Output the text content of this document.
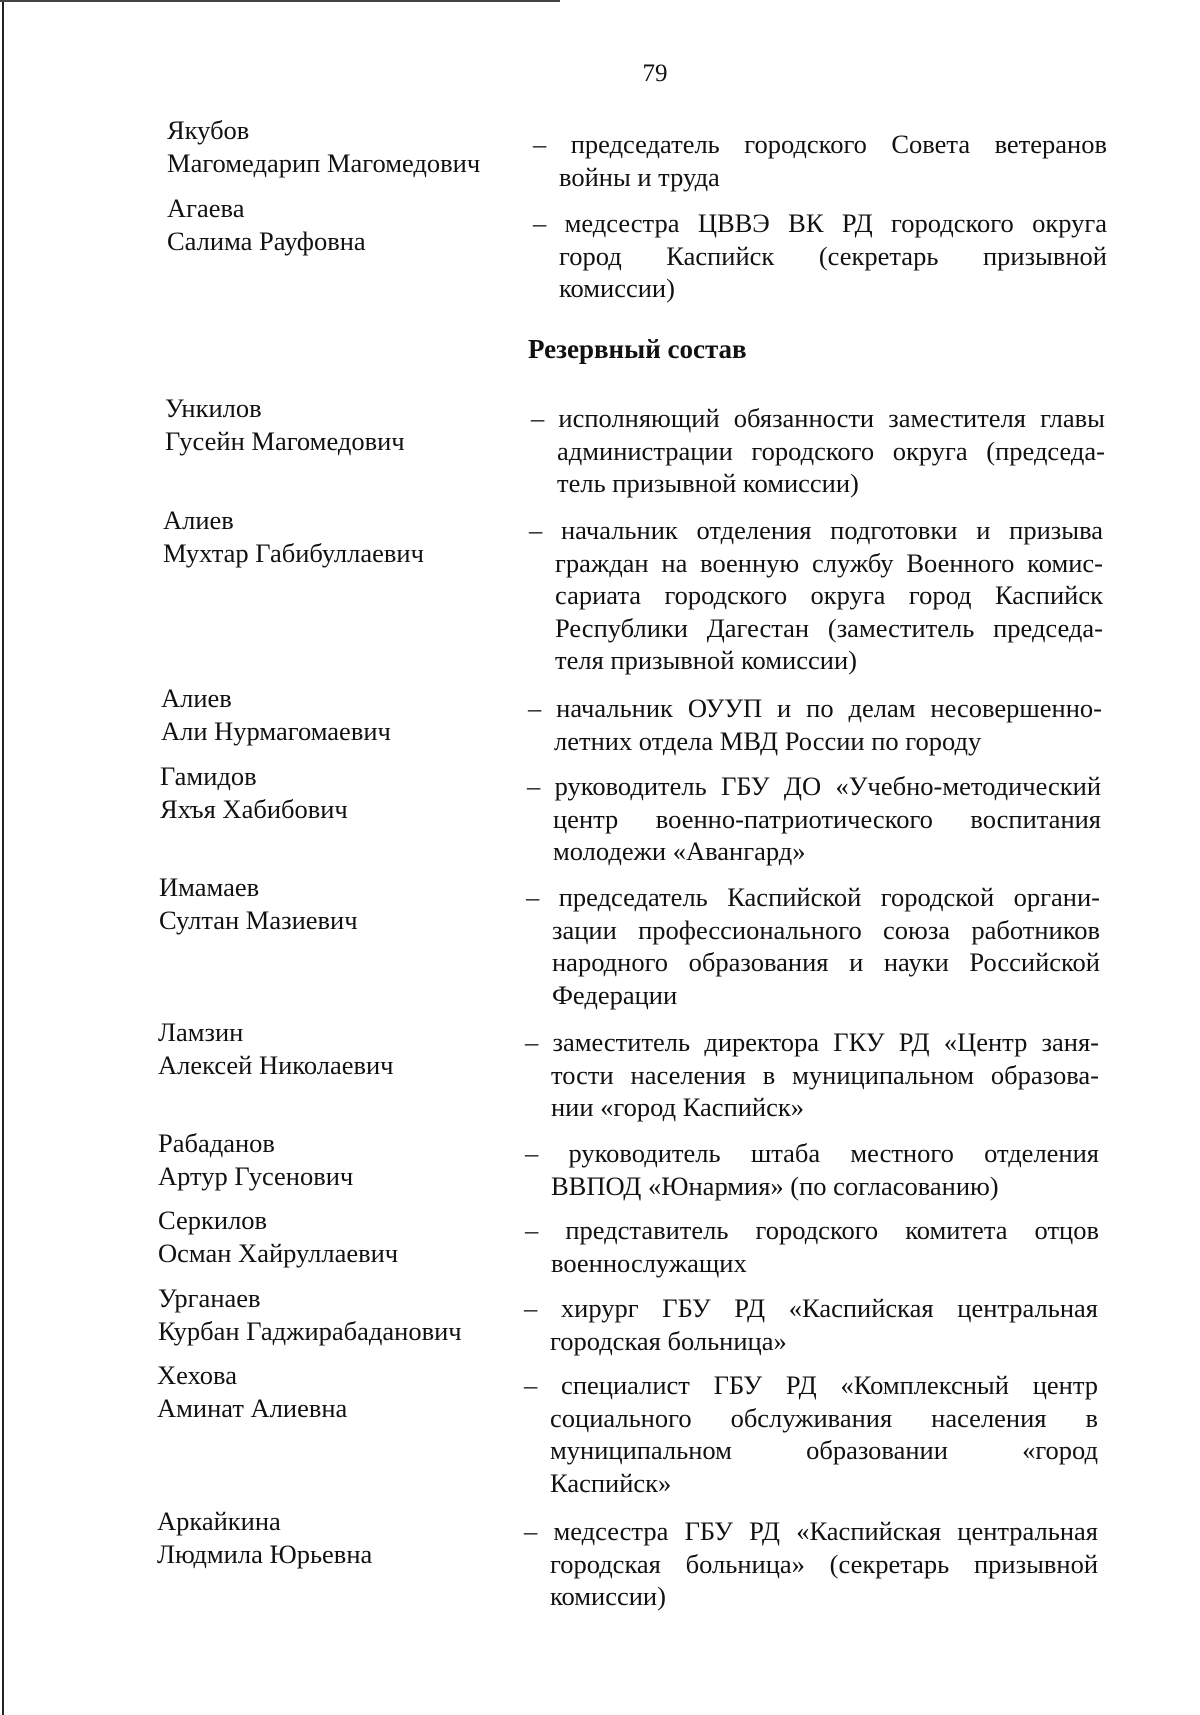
79
Резервный состав
Якубов
Магомедарип Магомедович
– председатель городского Совета ветеранов
войны и труда
Агаева
Салима Рауфовна
– медсестра ЦВВЭ ВК РД городского округа
город Каспийск (секретарь призывной
комиссии)
Ункилов
Гусейн Магомедович
– исполняющий обязанности заместителя главы
администрации городского округа (председа-
тель призывной комиссии)
Алиев
Мухтар Габибуллаевич
– начальник отделения подготовки и призыва
граждан на военную службу Военного комис-
сариата городского округа город Каспийск
Республики Дагестан (заместитель председа-
теля призывной комиссии)
Алиев
Али Нурмагомаевич
– начальник ОУУП и по делам несовершенно-
летних отдела МВД России по городу
Гамидов
Яхъя Хабибович
– руководитель ГБУ ДО «Учебно-методический
центр военно-патриотического воспитания
молодежи «Авангард»
Имамаев
Султан Мазиевич
– председатель Каспийской городской органи-
зации профессионального союза работников
народного образования и науки Российской
Федерации
Ламзин
Алексей Николаевич
– заместитель директора ГКУ РД «Центр заня-
тости населения в муниципальном образова-
нии «город Каспийск»
Рабаданов
Артур Гусенович
– руководитель штаба местного отделения
ВВПОД «Юнармия» (по согласованию)
Серкилов
Осман Хайруллаевич
– представитель городского комитета отцов
военнослужащих
Урганаев
Курбан Гаджирабаданович
– хирург ГБУ РД «Каспийская центральная
городская больница»
Хехова
Аминат Алиевна
– специалист ГБУ РД «Комплексный центр
социального обслуживания населения в
муниципальном образовании «город
Каспийск»
Аркайкина
Людмила Юрьевна
– медсестра ГБУ РД «Каспийская центральная
городская больница» (секретарь призывной
комиссии)
